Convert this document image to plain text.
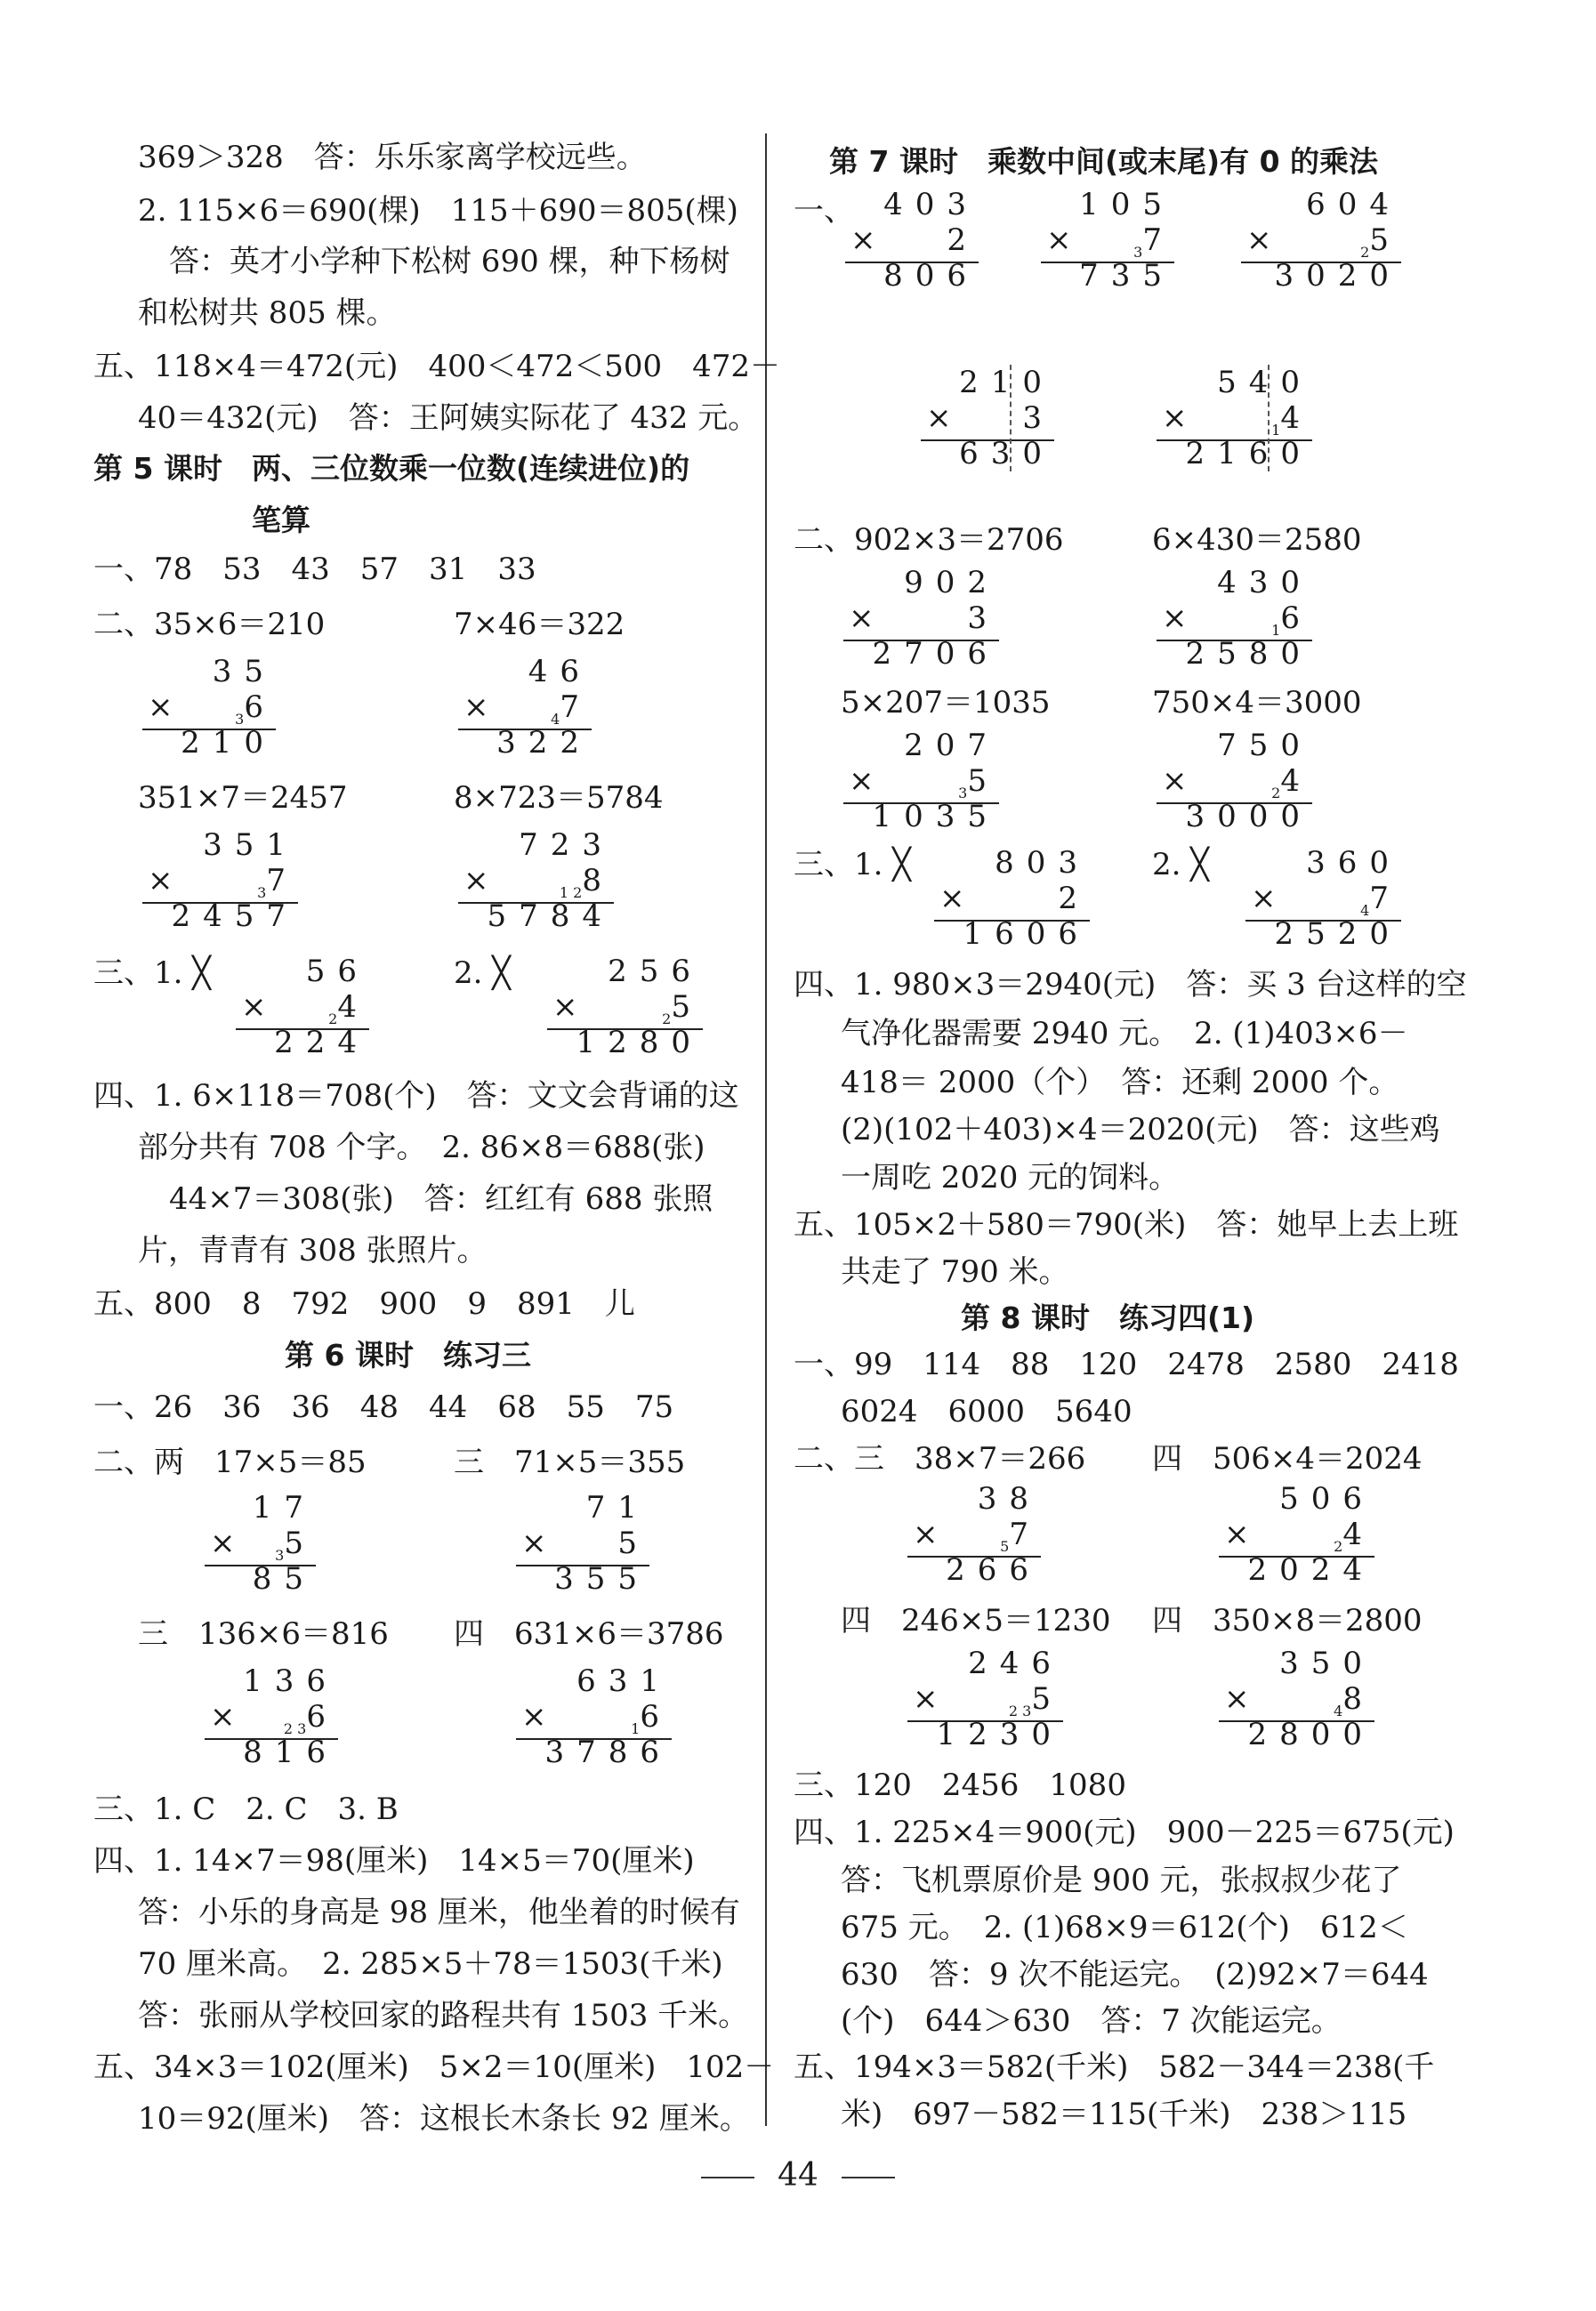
369＞328　答：乐乐家离学校远些。
2. 115×6＝690(棵)　115＋690＝805(棵)
答：英才小学种下松树 690 棵，种下杨树
和松树共 805 棵。
五、118×4＝472(元)　400＜472＜500　472－
40＝432(元)　答：王阿姨实际花了 432 元。
第 5 课时　两、三位数乘一位数(连续进位)的
笔算
一、78　53　43　57　31　33
二、35×6＝210	7×46＝322
35
×	$_3$6
210
46
×	$_4$7
322
351×7＝2457	8×723＝5784
351
×	$_3$7
2457
723
×	$_{1 2}$8
5784
三、1. ╳	2. ╳
56
×	$_2$4
224
256
×	$_2$5
1280
四、1. 6×118＝708(个)　答：文文会背诵的这
部分共有 708 个字。　2. 86×8＝688(张)
44×7＝308(张)　答：红红有 688 张照
片，青青有 308 张照片。
五、800　8　792　900　9　891　儿
第 6 课时　练习三
一、26　36　36　48　44　68　55　75
二、两　17×5＝85	三　71×5＝355
17
×	$_3$5
85
71
× 5
355
三　136×6＝816 四　631×6＝3786
136
×	$_{2 3}$6
816
631
×	$_1$6
3786
三、1. C　2. C　3. B
四、1. 14×7＝98(厘米)　14×5＝70(厘米)
答：小乐的身高是 98 厘米，他坐着的时候有
70 厘米高。　2. 285×5＋78＝1503(千米)
答：张丽从学校回家的路程共有 1503 千米。
五、34×3＝102(厘米)　5×2＝10(厘米)　102－
10＝92(厘米)　答：这根长木条长 92 厘米。
第 7 课时　乘数中间(或末尾)有 0 的乘法
一、 403
× 2
806
105
×	$_3$7
735
604
×	$_2$5
3020
210
× 3
630
540
×	$_1$4
2160
二、902×3＝2706	6×430＝2580
902
×	3
2706
430
×	$_1$6
2580
5×207＝1035	750×4＝3000
207
×	$_3$5
1035
750
×	$_2$4
3000
三、1. ╳	2. ╳
803
×	2
1606
360
×	$_4$7
2520
四、1. 980×3＝2940(元)　答：买 3 台这样的空
气净化器需要 2940 元。　2. (1)403×6－
418＝ 2000（个）　答：还剩 2000 个。
(2)(102＋403)×4＝2020(元)　答：这些鸡
一周吃 2020 元的饲料。
五、105×2＋580＝790(米)　答：她早上去上班
共走了 790 米。
第 8 课时　练习四(1)
一、99　114　88　120　2478　2580　2418
6024　6000　5640
二、三　38×7＝266 四　506×4＝2024
38
×	$_5$7
266
506
×	$_2$4
2024
四　246×5＝1230 四　350×8＝2800
246
×	$_{2 3}$5
1230
350
×	$_4$8
2800
三、120　2456　1080
四、1. 225×4＝900(元)　900－225＝675(元)
答：飞机票原价是 900 元，张叔叔少花了
675 元。　2. (1)68×9＝612(个)　612＜
630　答：9 次不能运完。　(2)92×7＝644
(个)　644＞630　答：7 次能运完。
五、194×3＝582(千米)　582－344＝238(千
米)　697－582＝115(千米)　238＞115
44
